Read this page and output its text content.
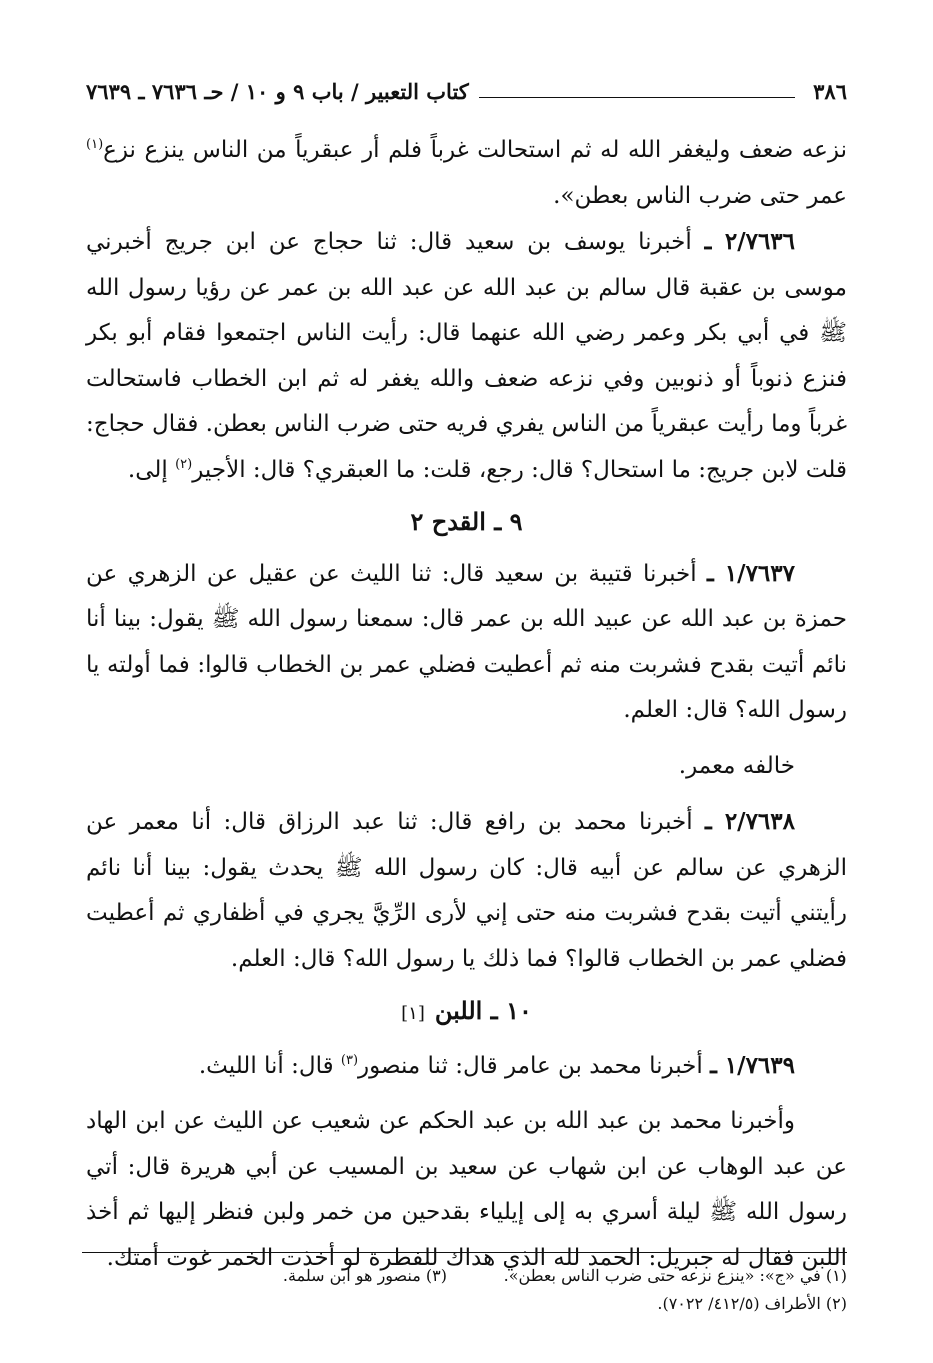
٣٨٦
كتاب التعبير / باب ٩ و ١٠ / حـ ٧٦٣٦ ـ ٧٦٣٩

نزعه ضعف وليغفر الله له ثم استحالت غرباً فلم أر عبقرياً من الناس ينزع نزع$^{(١)}$ عمر حتى ضرب الناس بعطن».

٢/٧٦٣٦ ـ أخبرنا يوسف بن سعيد قال: ثنا حجاج عن ابن جريج أخبرني موسى بن عقبة قال سالم بن عبد الله عن عبد الله بن عمر عن رؤيا رسول الله ﷺ في أبي بكر وعمر رضي الله عنهما قال: رأيت الناس اجتمعوا فقام أبو بكر فنزع ذنوباً أو ذنوبين وفي نزعه ضعف والله يغفر له ثم ابن الخطاب فاستحالت غرباً وما رأيت عبقرياً من الناس يفري فريه حتى ضرب الناس بعطن. فقال حجاج: قلت لابن جريج: ما استحال؟ قال: رجع، قلت: ما العبقري؟ قال: الأجير$^{(٢)}$ إلى.

٩ ـ القدح ٢

١/٧٦٣٧ ـ أخبرنا قتيبة بن سعيد قال: ثنا الليث عن عقيل عن الزهري عن حمزة بن عبد الله عن عبيد الله بن عمر قال: سمعنا رسول الله ﷺ يقول: بينا أنا نائم أتيت بقدح فشربت منه ثم أعطيت فضلي عمر بن الخطاب قالوا: فما أولته يا رسول الله؟ قال: العلم.

خالفه معمر.

٢/٧٦٣٨ ـ أخبرنا محمد بن رافع قال: ثنا عبد الرزاق قال: أنا معمر عن الزهري عن سالم عن أبيه قال: كان رسول الله ﷺ يحدث يقول: بينا أنا نائم رأيتني أتيت بقدح فشربت منه حتى إني لأرى الرِّيَّ يجري في أظفاري ثم أعطيت فضلي عمر بن الخطاب قالوا؟ فما ذلك يا رسول الله؟ قال: العلم.

١٠ ـ اللبن[١]

١/٧٦٣٩ ـ أخبرنا محمد بن عامر قال: ثنا منصور$^{(٣)}$ قال: أنا الليث.

وأخبرنا محمد بن عبد الله بن عبد الحكم عن شعيب عن الليث عن ابن الهاد عن عبد الوهاب عن ابن شهاب عن سعيد بن المسيب عن أبي هريرة قال: أتي رسول الله ﷺ ليلة أسري به إلى إيلياء بقدحين من خمر ولبن فنظر إليها ثم أخذ اللبن فقال له جبريل: الحمد لله الذي هداك للفطرة لو أخذت الخمر غوت أمتك.

(١) في «ج»: «ينزع نزعه حتى ضرب الناس بعطن».
(٣) منصور هو ابن سلمة.
(٢) الأطراف (٤١٢/٥/ ٧٠٢٢).
